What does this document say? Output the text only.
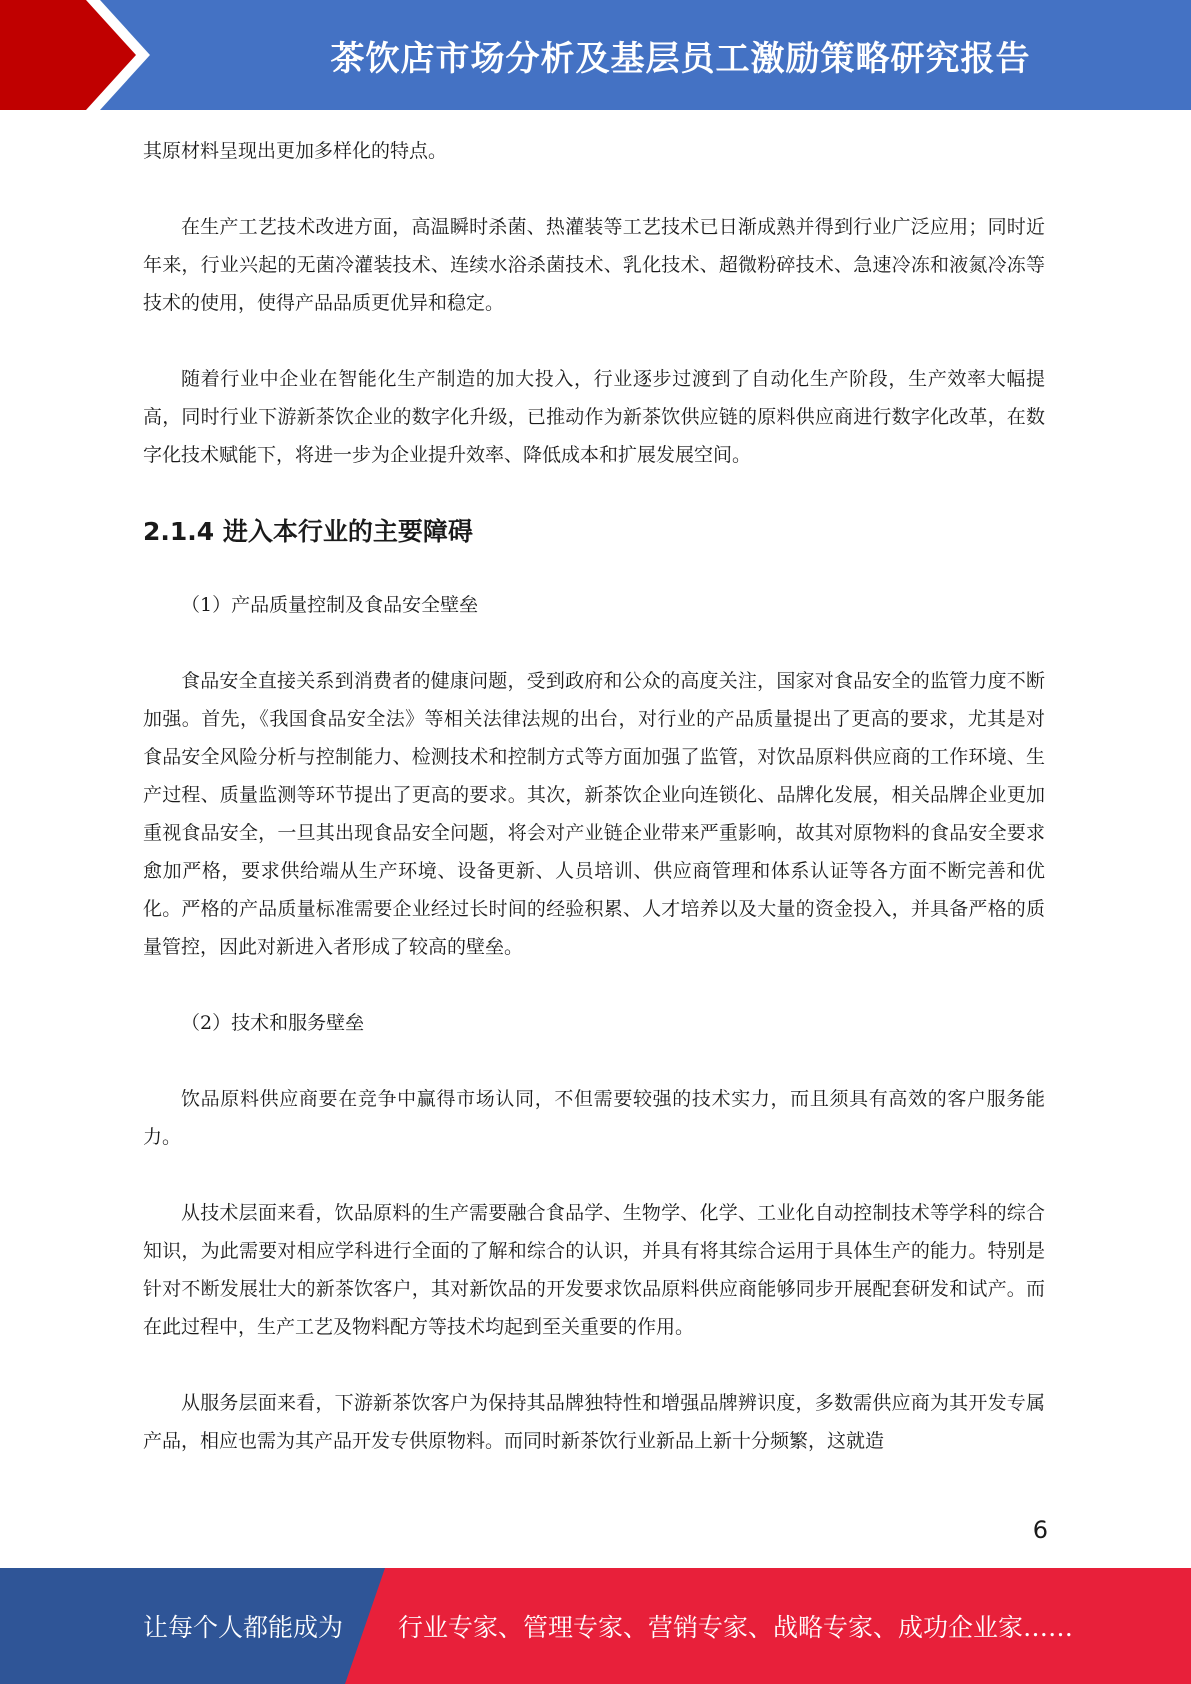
茶饮店市场分析及基层员工激励策略研究报告

其原材料呈现出更加多样化的特点。

在生产工艺技术改进方面，高温瞬时杀菌、热灌装等工艺技术已日渐成熟并得到行业广泛应用；同时近年来，行业兴起的无菌冷灌装技术、连续水浴杀菌技术、乳化技术、超微粉碎技术、急速冷冻和液氮冷冻等技术的使用，使得产品品质更优异和稳定。

随着行业中企业在智能化生产制造的加大投入，行业逐步过渡到了自动化生产阶段，生产效率大幅提高，同时行业下游新茶饮企业的数字化升级，已推动作为新茶饮供应链的原料供应商进行数字化改革，在数字化技术赋能下，将进一步为企业提升效率、降低成本和扩展发展空间。

2.1.4 进入本行业的主要障碍

（1）产品质量控制及食品安全壁垒

食品安全直接关系到消费者的健康问题，受到政府和公众的高度关注，国家对食品安全的监管力度不断加强。首先，《我国食品安全法》等相关法律法规的出台，对行业的产品质量提出了更高的要求，尤其是对食品安全风险分析与控制能力、检测技术和控制方式等方面加强了监管，对饮品原料供应商的工作环境、生产过程、质量监测等环节提出了更高的要求。其次，新茶饮企业向连锁化、品牌化发展，相关品牌企业更加重视食品安全，一旦其出现食品安全问题，将会对产业链企业带来严重影响，故其对原物料的食品安全要求愈加严格，要求供给端从生产环境、设备更新、人员培训、供应商管理和体系认证等各方面不断完善和优化。严格的产品质量标准需要企业经过长时间的经验积累、人才培养以及大量的资金投入，并具备严格的质量管控，因此对新进入者形成了较高的壁垒。

（2）技术和服务壁垒

饮品原料供应商要在竞争中赢得市场认同，不但需要较强的技术实力，而且须具有高效的客户服务能力。

从技术层面来看，饮品原料的生产需要融合食品学、生物学、化学、工业化自动控制技术等学科的综合知识，为此需要对相应学科进行全面的了解和综合的认识，并具有将其综合运用于具体生产的能力。特别是针对不断发展壮大的新茶饮客户，其对新饮品的开发要求饮品原料供应商能够同步开展配套研发和试产。而在此过程中，生产工艺及物料配方等技术均起到至关重要的作用。

从服务层面来看，下游新茶饮客户为保持其品牌独特性和增强品牌辨识度，多数需供应商为其开发专属产品，相应也需为其产品开发专供原物料。而同时新茶饮行业新品上新十分频繁，这就造

6
让每个人都能成为 行业专家、管理专家、营销专家、战略专家、成功企业家……
